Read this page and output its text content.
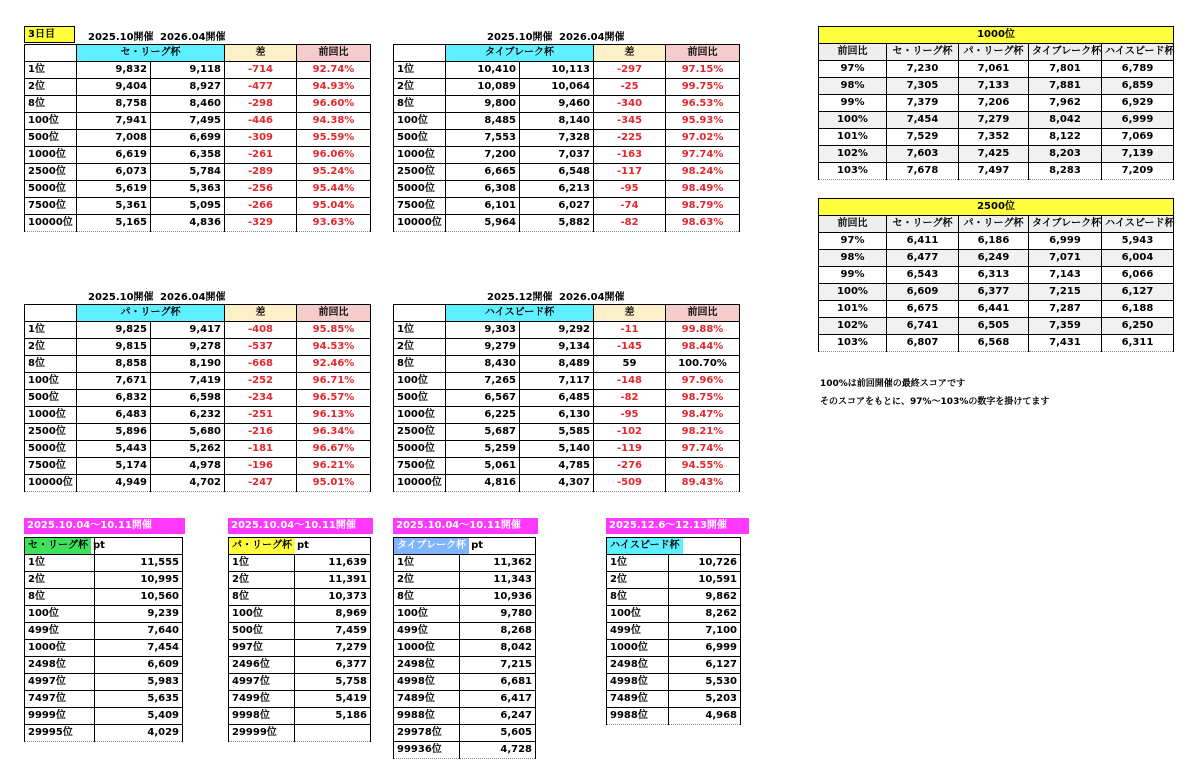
3日目	2025.10開催 2026.04開催	2025.10開催 2026.04開催
2025.10開催 2026.04開催	2025.12開催 2026.04開催
	セ・リーグ杯		差	前回比
1位	9,832	9,118	-714	92.74%
2位	9,404	8,927	-477	94.93%
8位	8,758	8,460	-298	96.60%
100位	7,941	7,495	-446	94.38%
500位	7,008	6,699	-309	95.59%
1000位	6,619	6,358	-261	96.06%
2500位	6,073	5,784	-289	95.24%
5000位	5,619	5,363	-256	95.44%
7500位	5,361	5,095	-266	95.04%
10000位	5,165	4,836	-329	93.63%
	タイブレーク杯		差	前回比
1位	10,410	10,113	-297	97.15%
2位	10,089	10,064	-25	99.75%
8位	9,800	9,460	-340	96.53%
100位	8,485	8,140	-345	95.93%
500位	7,553	7,328	-225	97.02%
1000位	7,200	7,037	-163	97.74%
2500位	6,665	6,548	-117	98.24%
5000位	6,308	6,213	-95	98.49%
7500位	6,101	6,027	-74	98.79%
10000位	5,964	5,882	-82	98.63%
	パ・リーグ杯		差	前回比
1位	9,825	9,417	-408	95.85%
2位	9,815	9,278	-537	94.53%
8位	8,858	8,190	-668	92.46%
100位	7,671	7,419	-252	96.71%
500位	6,832	6,598	-234	96.57%
1000位	6,483	6,232	-251	96.13%
2500位	5,896	5,680	-216	96.34%
5000位	5,443	5,262	-181	96.67%
7500位	5,174	4,978	-196	96.21%
10000位	4,949	4,702	-247	95.01%
	ハイスピード杯		差	前回比
1位	9,303	9,292	-11	99.88%
2位	9,279	9,134	-145	98.44%
8位	8,430	8,489	59	100.70%
100位	7,265	7,117	-148	97.96%
500位	6,567	6,485	-82	98.75%
1000位	6,225	6,130	-95	98.47%
2500位	5,687	5,585	-102	98.21%
5000位	5,259	5,140	-119	97.74%
7500位	5,061	4,785	-276	94.55%
10000位	4,816	4,307	-509	89.43%
1000位				
前回比	セ・リーグ杯	パ・リーグ杯	タイブレーク杯	ハイスピード杯
97%	7,230	7,061	7,801	6,789
98%	7,305	7,133	7,881	6,859
99%	7,379	7,206	7,962	6,929
100%	7,454	7,279	8,042	6,999
101%	7,529	7,352	8,122	7,069
102%	7,603	7,425	8,203	7,139
103%	7,678	7,497	8,283	7,209
2500位				
前回比	セ・リーグ杯	パ・リーグ杯	タイブレーク杯	ハイスピード杯
97%	6,411	6,186	6,999	5,943
98%	6,477	6,249	7,071	6,004
99%	6,543	6,313	7,143	6,066
100%	6,609	6,377	7,215	6,127
101%	6,675	6,441	7,287	6,188
102%	6,741	6,505	7,359	6,250
103%	6,807	6,568	7,431	6,311
100%は前回開催の最終スコアです
そのスコアをもとに、97%～103%の数字を掛けてます
2025.10.04～10.11開催
セ・リーグ杯 pt	
1位	11,555
2位	10,995
8位	10,560
100位	9,239
499位	7,640
1000位	7,454
2498位	6,609
4997位	5,983
7497位	5,635
9999位	5,409
29995位	4,029
2025.10.04～10.11開催
パ・リーグ杯 pt	
1位	11,639
2位	11,391
8位	10,373
100位	8,969
500位	7,459
997位	7,279
2496位	6,377
4997位	5,758
7499位	5,419
9998位	5,186
29999位	
2025.10.04～10.11開催
タイブレーク杯 pt	
1位	11,362
2位	11,343
8位	10,936
100位	9,780
499位	8,268
1000位	8,042
2498位	7,215
4998位	6,681
7489位	6,417
9988位	6,247
29978位	5,605
99936位	4,728
2025.12.6～12.13開催
ハイスピード杯	
1位	10,726
2位	10,591
8位	9,862
100位	8,262
499位	7,100
1000位	6,999
2498位	6,127
4998位	5,530
7489位	5,203
9988位	4,968
